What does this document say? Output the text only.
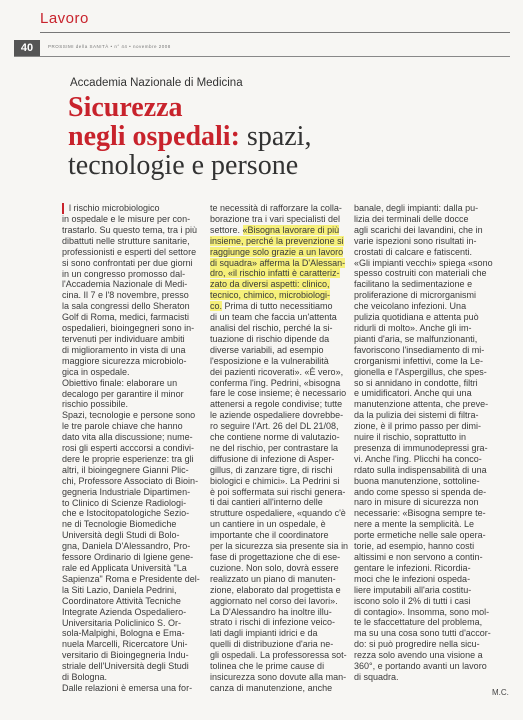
Lavoro
40	PROSSIMI della SANITÀ • n° 44 • novembre 2008
Accademia Nazionale di Medicina
Sicurezza
negli ospedali: spazi,
tecnologie e persone

l rischio microbiologico
in ospedale e le misure per con-
trastarlo. Su questo tema, tra i più
dibattuti nelle strutture sanitarie,
professionisti e esperti del settore
si sono confrontati per due giorni
in un congresso promosso dal-
l'Accademia Nazionale di Medi-
cina. Il 7 e l'8 novembre, presso
la sala congressi dello Sheraton
Golf di Roma, medici, farmacisti
ospedalieri, bioingegneri sono in-
tervenuti per individuare ambiti
di miglioramento in vista di una
maggiore sicurezza microbiolo-
gica in ospedale.
Obiettivo finale: elaborare un
decalogo per garantire il minor
rischio possibile.
Spazi, tecnologie e persone sono
le tre parole chiave che hanno
dato vita alla discussione; nume-
rosi gli esperti acccorsi a condivi-
dere le proprie esperienze: tra gli
altri, il bioingegnere Gianni Plic-
chi, Professore Associato di Bioin-
gegneria Industriale Dipartimen-
to Clinico di Scienze Radiologi-
che e Istocitopatologiche Sezio-
ne di Tecnologie Biomediche
Università degli Studi di Bolo-
gna, Daniela D'Alessandro, Pro-
fessore Ordinario di Igiene gene-
rale ed Applicata Università "La
Sapienza" Roma e Presidente del-
la Siti Lazio, Daniela Pedrini,
Coordinatore Attività Tecniche
Integrate Azienda Ospedaliero-
Universitaria Policlinico S. Or-
sola-Malpighi, Bologna e Ema-
nuela Marcelli, Ricercatore Uni-
versitario di Bioingegneria Indu-
striale dell'Università degli Studi
di Bologna.
Dalle relazioni è emersa una for-

te necessità di rafforzare la colla-
borazione tra i vari specialisti del
settore. «Bisogna lavorare di più
insieme, perché la prevenzione si
raggiunge solo grazie a un lavoro
di squadra» afferma la D'Alessan-
dro, «il rischio infatti è caratteriz-
zato da diversi aspetti: clinico,
tecnico, chimico, microbiologi-
co. Prima di tutto necessitiamo
di un team che faccia un'attenta
analisi del rischio, perché la si-
tuazione di rischio dipende da
diverse variabili, ad esempio
l'esposizione e la vulnerabilità
dei pazienti ricoverati». «È vero»,
conferma l'ing. Pedrini, «bisogna
fare le cose insieme; è necessario
attenersi a regole condivise; tutte
le aziende ospedaliere dovrebbe-
ro seguire l'Art. 26 del DL 21/08,
che contiene norme di valutazio-
ne del rischio, per contrastare la
diffusione di infezione di Asper-
gillus, di zanzare tigre, di rischi
biologici e chimici». La Pedrini si
è poi soffermata sui rischi genera-
ti dai cantieri all'interno delle
strutture ospedaliere, «quando c'è
un cantiere in un ospedale, è
importante che il coordinatore
per la sicurezza sia presente sia in
fase di progettazione che di ese-
cuzione. Non solo, dovrà essere
realizzato un piano di manuten-
zione, elaborato dal progettista e
aggiornato nel corso dei lavori».
La D'Alessandro ha inoltre illu-
strato i rischi di infezione veico-
lati dagli impianti idrici e da
quelli di distribuzione d'aria ne-
gli ospedali. La professoressa sot-
tolinea che le prime cause di
insicurezza sono dovute alla man-
canza di manutenzione, anche

banale, degli impianti: dalla pu-
lizia dei terminali delle docce
agli scarichi dei lavandini, che in
varie ispezioni sono risultati in-
crostati di calcare e fatiscenti.
«Gli impianti vecchi» spiega «sono
spesso costruiti con materiali che
facilitano la sedimentazione e
proliferazione di microrganismi
che veicolano infezioni. Una
pulizia quotidiana e attenta può
ridurli di molto». Anche gli im-
pianti d'aria, se malfunzionanti,
favoriscono l'insediamento di mi-
crorganismi infettivi, come la Le-
gionella e l'Aspergillus, che spes-
so si annidano in condotte, filtri
e umidificatori. Anche qui una
manutenzione attenta, che preve-
da la pulizia dei sistemi di filtra-
zione, è il primo passo per dimi-
nuire il rischio, soprattutto in
presenza di immunodepressi gra-
vi. Anche l'ing. Plicchi ha conco-
rdato sulla indispensabilità di una
buona manutenzione, sottoline-
ando come spesso si spenda de-
naro in misure di sicurezza non
necessarie: «Bisogna sempre te-
nere a mente la semplicità. Le
porte ermetiche nelle sale opera-
torie, ad esempio, hanno costi
altissimi e non servono a contin-
gentare le infezioni. Ricordia-
moci che le infezioni ospeda-
liere imputabili all'aria costitu-
iscono solo il 2% di tutti i casi
di contagio». Insomma, sono mol-
te le sfaccettature del problema,
ma su una cosa sono tutti d'accor-
do: si può progredire nella sicu-
rezza solo avendo una visione a
360°, e portando avanti un lavoro
di squadra.

M.C.
